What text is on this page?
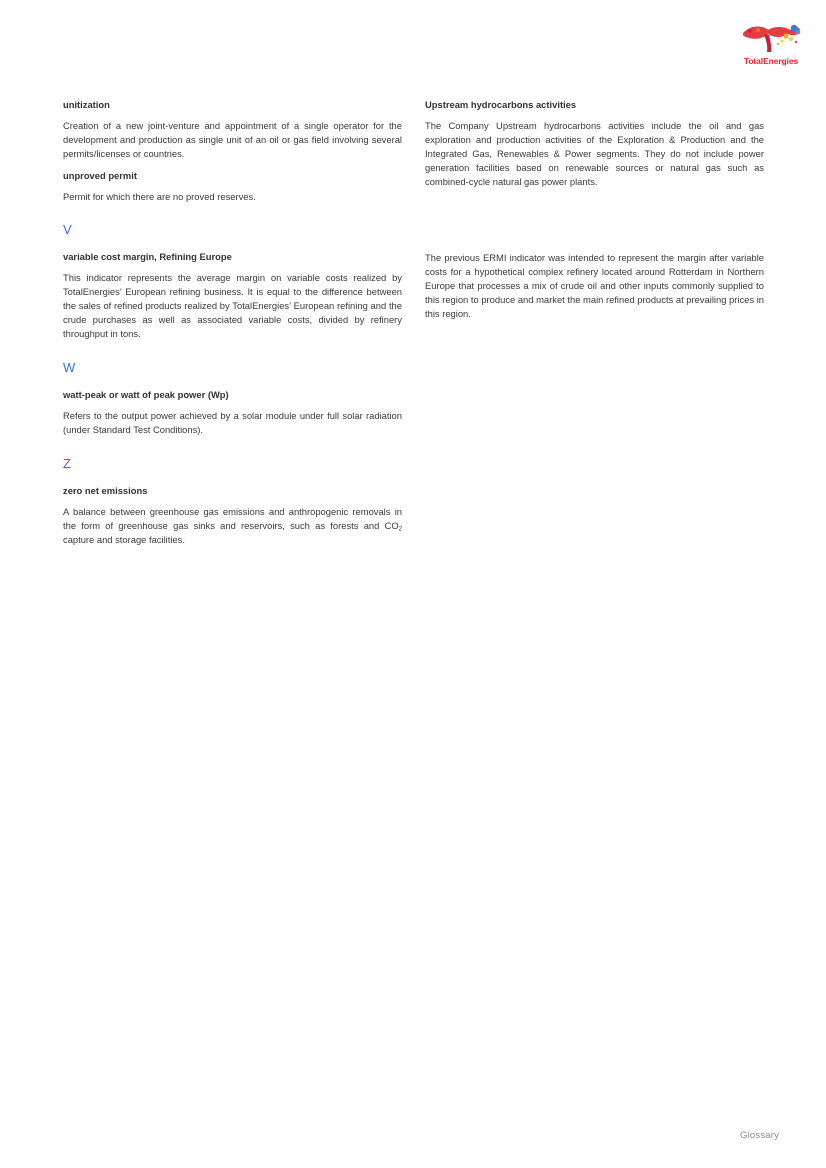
TotalEnergies

unitization

Creation of a new joint-venture and appointment of a single operator for the development and production as single unit of an oil or gas field involving several permits/licenses or countries.

unproved permit

Permit for which there are no proved reserves.

V

variable cost margin, Refining Europe

This indicator represents the average margin on variable costs realized by TotalEnergies’ European refining business. It is equal to the difference between the sales of refined products realized by TotalEnergies’ European refining and the crude purchases as well as associated variable costs, divided by refinery throughput in tons.

W

watt-peak or watt of peak power (Wp)

Refers to the output power achieved by a solar module under full solar radiation (under Standard Test Conditions).

Z

zero net emissions

A balance between greenhouse gas emissions and anthropogenic removals in the form of greenhouse gas sinks and reservoirs, such as forests and $CO_2$ capture and storage facilities.

Upstream hydrocarbons activities

The Company Upstream hydrocarbons activities include the oil and gas exploration and production activities of the Exploration & Production and the Integrated Gas, Renewables & Power segments. They do not include power generation facilities based on renewable sources or natural gas such as combined-cycle natural gas power plants.

The previous ERMI indicator was intended to represent the margin after variable costs for a hypothetical complex refinery located around Rotterdam in Northern Europe that processes a mix of crude oil and other inputs commonly supplied to this region to produce and market the main refined products at prevailing prices in this region.

Glossary
